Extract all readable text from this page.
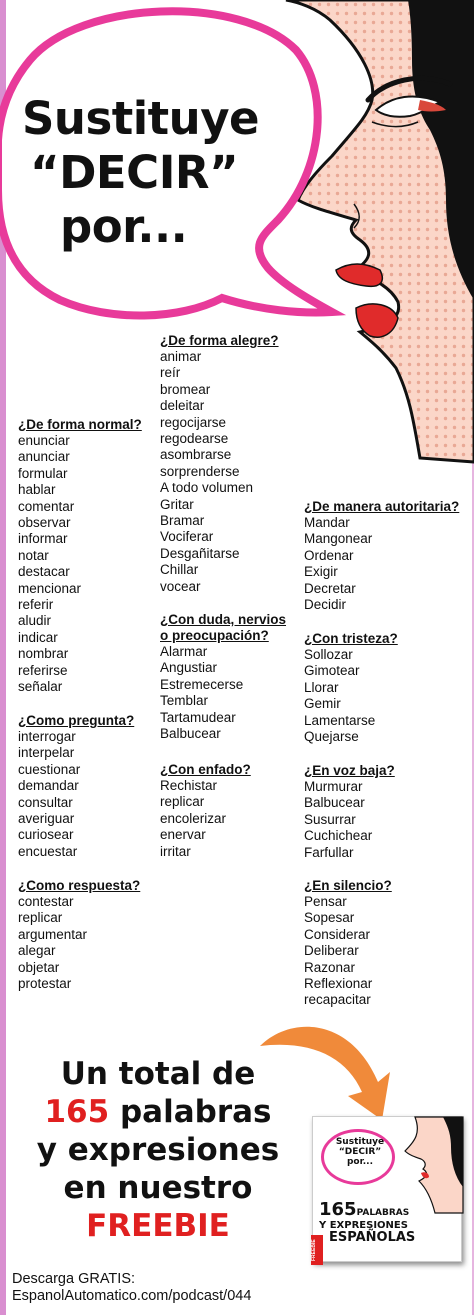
Sustituye
“DECIR”
por...
¿De forma normal?
enunciar
anunciar
formular
hablar
comentar
observar
informar
notar
destacar
mencionar
referir
aludir
indicar
nombrar
referirse
señalar
¿Como pregunta?
interrogar
interpelar
cuestionar
demandar
consultar
averiguar
curiosear
encuestar
¿Como respuesta?
contestar
replicar
argumentar
alegar
objetar
protestar
¿De forma alegre?
animar
reír
bromear
deleitar
regocijarse
regodearse
asombrarse
sorprenderse
A todo volumen
Gritar
Bramar
Vociferar
Desgañitarse
Chillar
vocear
¿Con duda, nervios
o preocupación?
Alarmar
Angustiar
Estremecerse
Temblar
Tartamudear
Balbucear
¿Con enfado?
Rechistar
replicar
encolerizar
enervar
irritar
¿De manera autoritaria?
Mandar
Mangonear
Ordenar
Exigir
Decretar
Decidir
¿Con tristeza?
Sollozar
Gimotear
Llorar
Gemir
Lamentarse
Quejarse
¿En voz baja?
Murmurar
Balbucear
Susurrar
Cuchichear
Farfullar
¿En silencio?
Pensar
Sopesar
Considerar
Deliberar
Razonar
Reflexionar
recapacitar
Un total de
165 palabras
y expresiones
en nuestro
FREEBIE
Sustituye
“DECIR”
por...
165PALABRAS
Y EXPRESIONES
ESPAÑOLAS
FREEBIE
Descarga GRATIS:
EspanolAutomatico.com/podcast/044
